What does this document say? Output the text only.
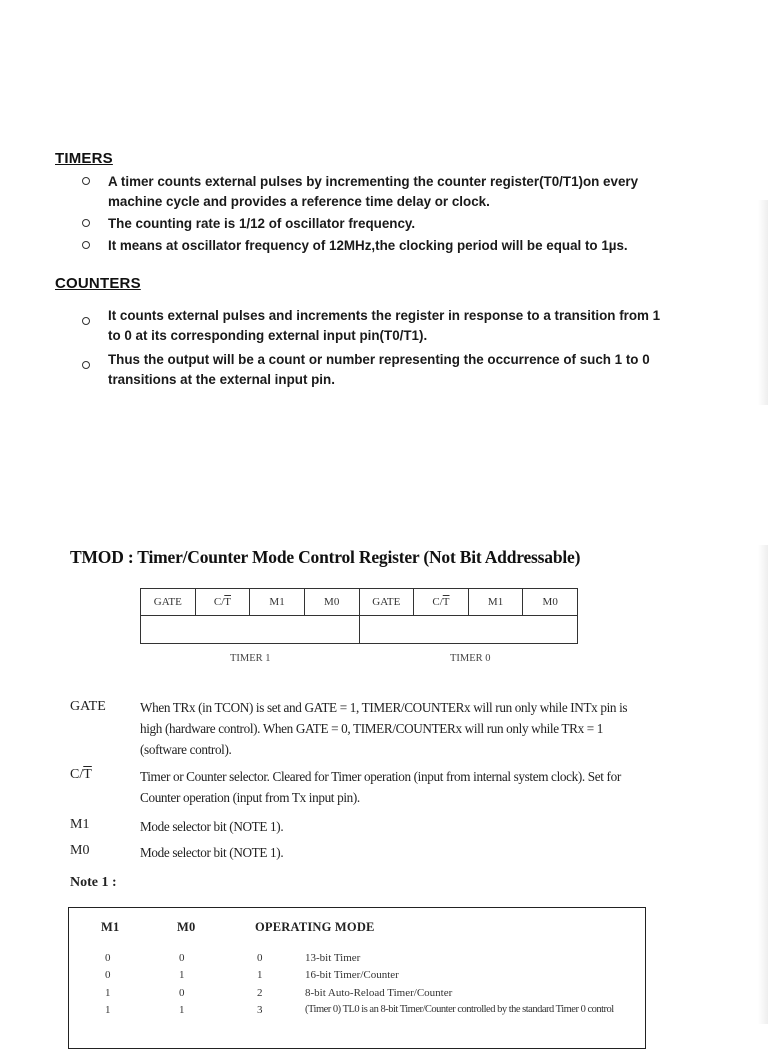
TIMERS
A timer counts external pulses by incrementing the counter register(T0/T1)on every machine cycle and provides a reference time delay or clock.
The counting rate is 1/12 of oscillator frequency.
It means at oscillator frequency of 12MHz,the clocking period will be equal to 1µs.
COUNTERS
It counts external pulses and increments the register in response to a transition from 1 to 0 at its corresponding external input pin(T0/T1).
Thus the output will be a count or number representing the occurrence of such 1 to 0 transitions at the external input pin.
TMOD : Timer/Counter Mode Control Register (Not Bit Addressable)
GATE	$C/\overline{T}$	M1	M0	GATE	$C/\overline{T}$	M1	M0

TIMER 1	TIMER 0
GATE	When TRx (in TCON) is set and GATE = 1, TIMER/COUNTERx will run only while INTx pin is high (hardware control). When GATE = 0, TIMER/COUNTERx will run only while TRx = 1 (software control).
$C/\overline{T}$	Timer or Counter selector. Cleared for Timer operation (input from internal system clock). Set for Counter operation (input from Tx input pin).
M1	Mode selector bit (NOTE 1).
M0	Mode selector bit (NOTE 1).
Note 1 :
M1	M0	OPERATING MODE
0	0	0	13-bit Timer
0	1	1	16-bit Timer/Counter
1	0	2	8-bit Auto-Reload Timer/Counter
1	1	3	(Timer 0) TL0 is an 8-bit Timer/Counter controlled by the standard Timer 0 control
